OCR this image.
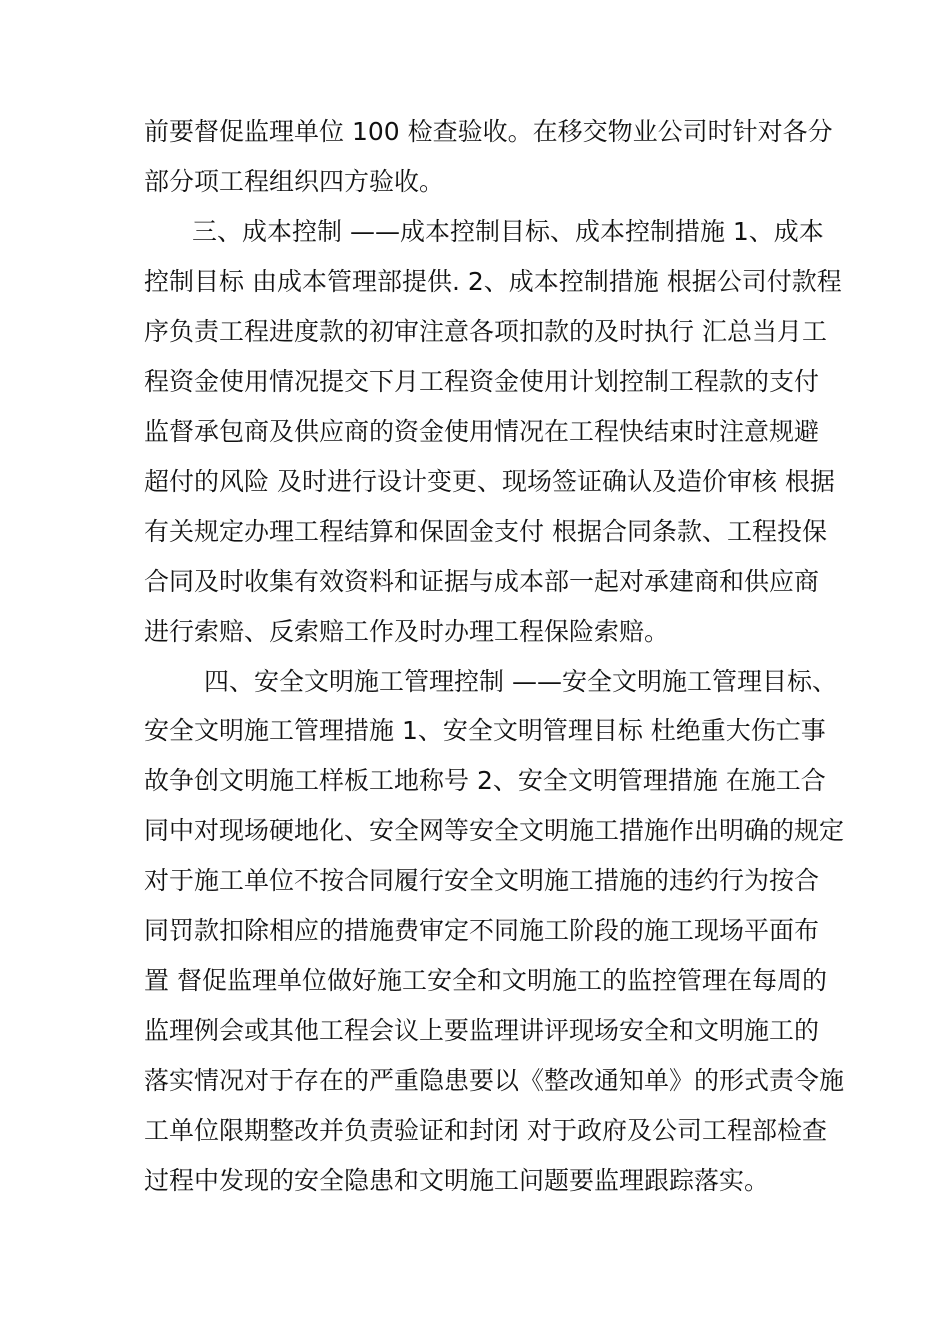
前要督促监理单位 100 检查验收。在移交物业公司时针对各分
部分项工程组织四方验收。
三、成本控制 ——成本控制目标、成本控制措施 1、成本
控制目标 由成本管理部提供. 2、成本控制措施 根据公司付款程
序负责工程进度款的初审注意各项扣款的及时执行 汇总当月工
程资金使用情况提交下月工程资金使用计划控制工程款的支付
监督承包商及供应商的资金使用情况在工程快结束时注意规避
超付的风险 及时进行设计变更、现场签证确认及造价审核 根据
有关规定办理工程结算和保固金支付 根据合同条款、工程投保
合同及时收集有效资料和证据与成本部一起对承建商和供应商
进行索赔、反索赔工作及时办理工程保险索赔。
四、安全文明施工管理控制 ——安全文明施工管理目标、
安全文明施工管理措施 1、安全文明管理目标 杜绝重大伤亡事
故争创文明施工样板工地称号 2、安全文明管理措施 在施工合
同中对现场硬地化、安全网等安全文明施工措施作出明确的规定
对于施工单位不按合同履行安全文明施工措施的违约行为按合
同罚款扣除相应的措施费审定不同施工阶段的施工现场平面布
置 督促监理单位做好施工安全和文明施工的监控管理在每周的
监理例会或其他工程会议上要监理讲评现场安全和文明施工的
落实情况对于存在的严重隐患要以《整改通知单》的形式责令施
工单位限期整改并负责验证和封闭 对于政府及公司工程部检查
过程中发现的安全隐患和文明施工问题要监理跟踪落实。
